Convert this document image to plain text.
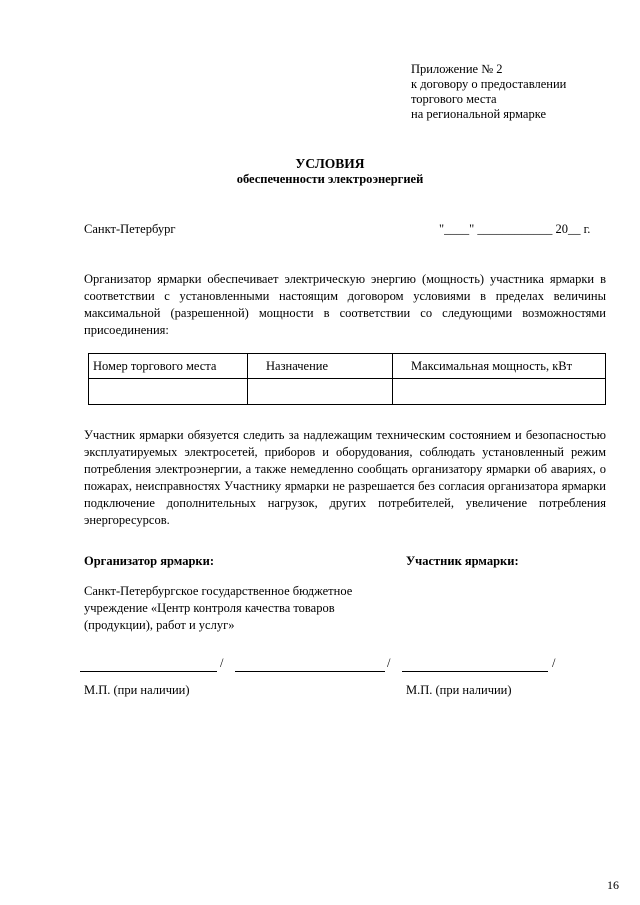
Приложение № 2
к договору о предоставлении
торгового места
на региональной ярмарке
УСЛОВИЯ
обеспеченности электроэнергией
Санкт-Петербург	"____" ____________ 20__ г.
Организатор ярмарки обеспечивает электрическую энергию (мощность) участника ярмарки в соответствии с установленными настоящим договором условиями в пределах величины максимальной (разрешенной) мощности в соответствии со следующими возможностями присоединения:
Номер торгового места	Назначение	Максимальная мощность, кВт

Участник ярмарки обязуется следить за надлежащим техническим состоянием и безопасностью эксплуатируемых электросетей, приборов и оборудования, соблюдать установленный режим потребления электроэнергии, а также немедленно сообщать организатору ярмарки об авариях, о пожарах, неисправностях Участнику ярмарки не разрешается без согласия организатора ярмарки подключение дополнительных нагрузок, других потребителей, увеличение потребления энергоресурсов.
Организатор ярмарки:	Участник ярмарки:
Санкт-Петербургское государственное бюджетное учреждение «Центр контроля качества товаров (продукции), работ и услуг»
/	/	/
М.П. (при наличии)	М.П. (при наличии)
16
